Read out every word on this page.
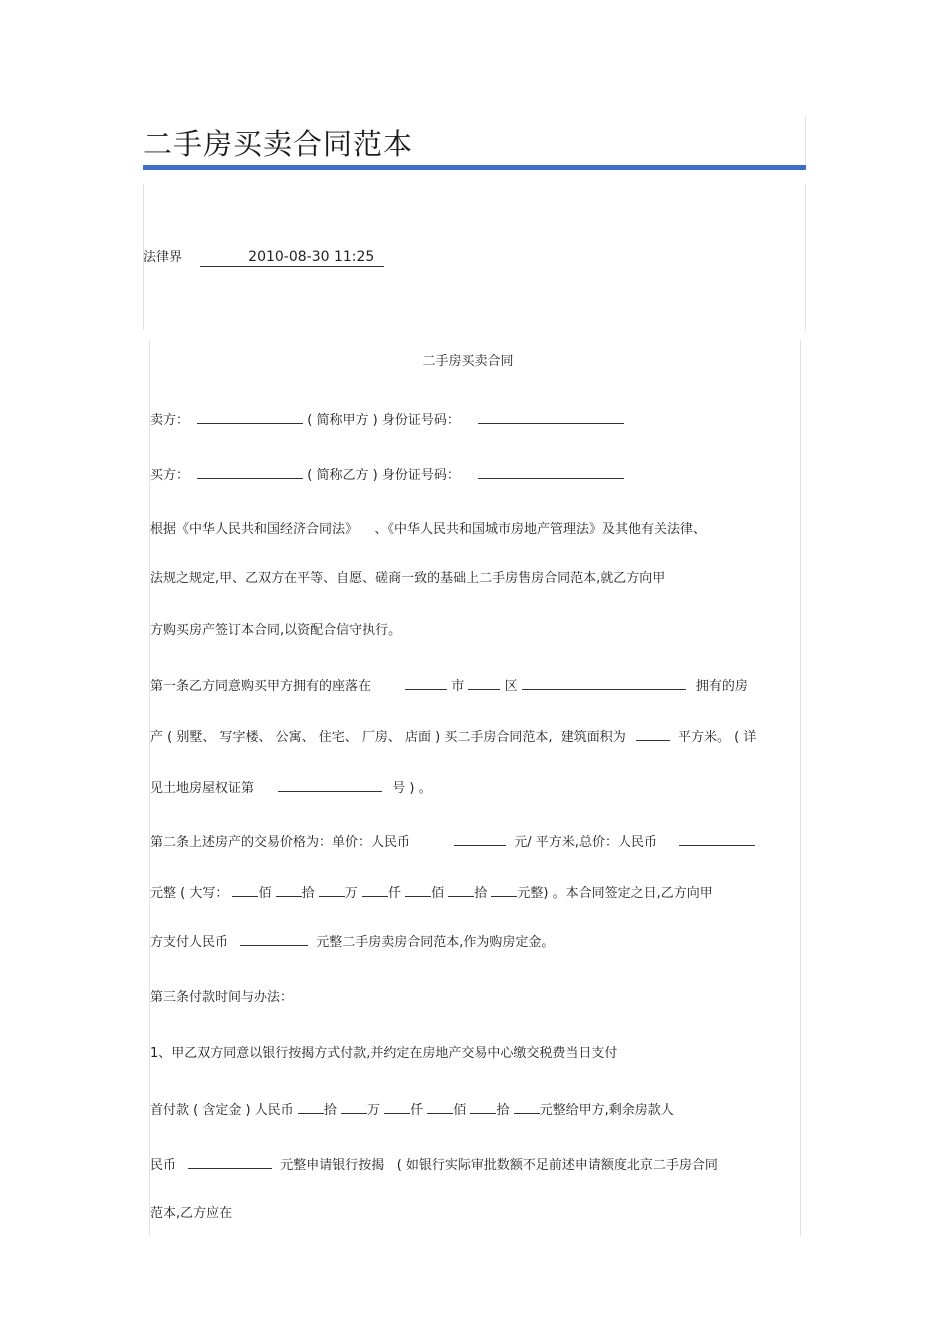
二手房买卖合同范本
法律界	2010-08-30 11:25
二手房买卖合同
卖方：	( 简称甲方 ) 身份证号码：
买方：	( 简称乙方 ) 身份证号码：
根据《中华人民共和国经济合同法》    、《中华人民共和国城市房地产管理法》及其他有关法律、
法规之规定,甲、乙双方在平等、自愿、磋商一致的基础上二手房售房合同范本,就乙方向甲
方购买房产签订本合同,以资配合信守执行。
第一条乙方同意购买甲方拥有的座落在	市	区	拥有的房
产 ( 别墅、 写字楼、 公寓、 住宅、 厂房、 店面 ) 买二手房合同范本,  建筑面积为	平方米。 ( 详
见土地房屋权证第	号 ) 。
第二条上述房产的交易价格为：单价：人民币	元/ 平方米,总价：人民币
元整 ( 大写： 佰 拾 万 仟 佰 拾 元整) 。本合同签定之日,乙方向甲
方支付人民币	元整二手房卖房合同范本,作为购房定金。
第三条付款时间与办法：
1、甲乙双方同意以银行按揭方式付款,并约定在房地产交易中心缴交税费当日支付
首付款 ( 含定金 ) 人民币 拾 万 仟 佰 拾 元整给甲方,剩余房款人
民币	元整申请银行按揭   ( 如银行实际审批数额不足前述申请额度北京二手房合同
范本,乙方应在
